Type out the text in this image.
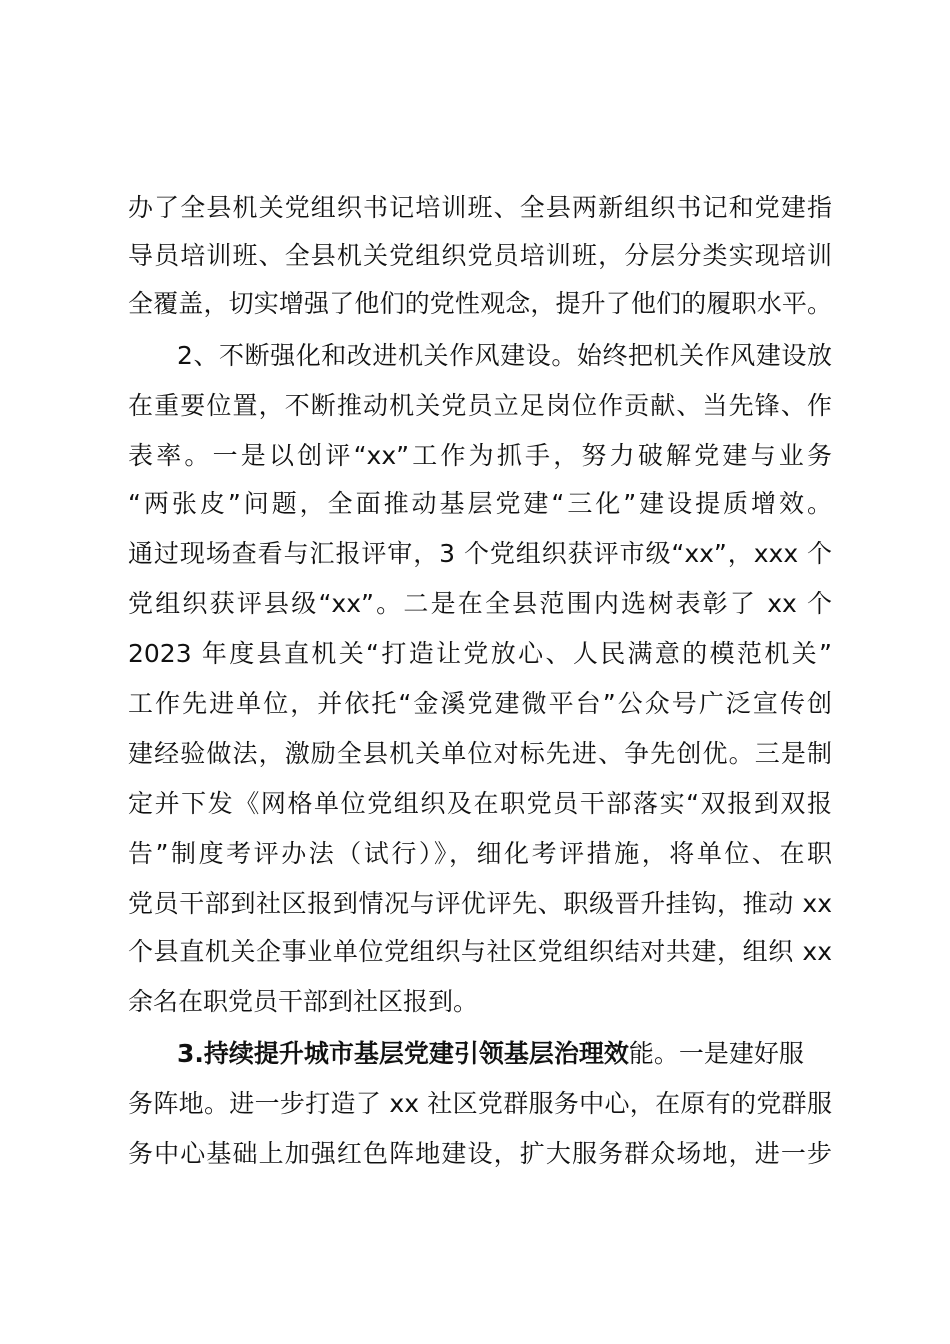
办了全县机关党组织书记培训班、全县两新组织书记和党建指
导员培训班、全县机关党组织党员培训班，分层分类实现培训
全覆盖，切实增强了他们的党性观念，提升了他们的履职水平。
2、不断强化和改进机关作风建设。始终把机关作风建设放
在重要位置，不断推动机关党员立足岗位作贡献、当先锋、作
表率。一是以创评“xx”工作为抓手，努力破解党建与业务
“两张皮”问题，全面推动基层党建“三化”建设提质增效。
通过现场查看与汇报评审，3 个党组织获评市级“xx”，xxx 个
党组织获评县级“xx”。二是在全县范围内选树表彰了 xx 个
2023 年度县直机关“打造让党放心、人民满意的模范机关”
工作先进单位，并依托“金溪党建微平台”公众号广泛宣传创
建经验做法，激励全县机关单位对标先进、争先创优。三是制
定并下发《网格单位党组织及在职党员干部落实“双报到双报
告”制度考评办法（试行）》，细化考评措施，将单位、在职
党员干部到社区报到情况与评优评先、职级晋升挂钩，推动 xx
个县直机关企事业单位党组织与社区党组织结对共建，组织 xx
余名在职党员干部到社区报到。
3.持续提升城市基层党建引领基层治理效能。一是建好服
务阵地。进一步打造了 xx 社区党群服务中心，在原有的党群服
务中心基础上加强红色阵地建设，扩大服务群众场地，进一步
